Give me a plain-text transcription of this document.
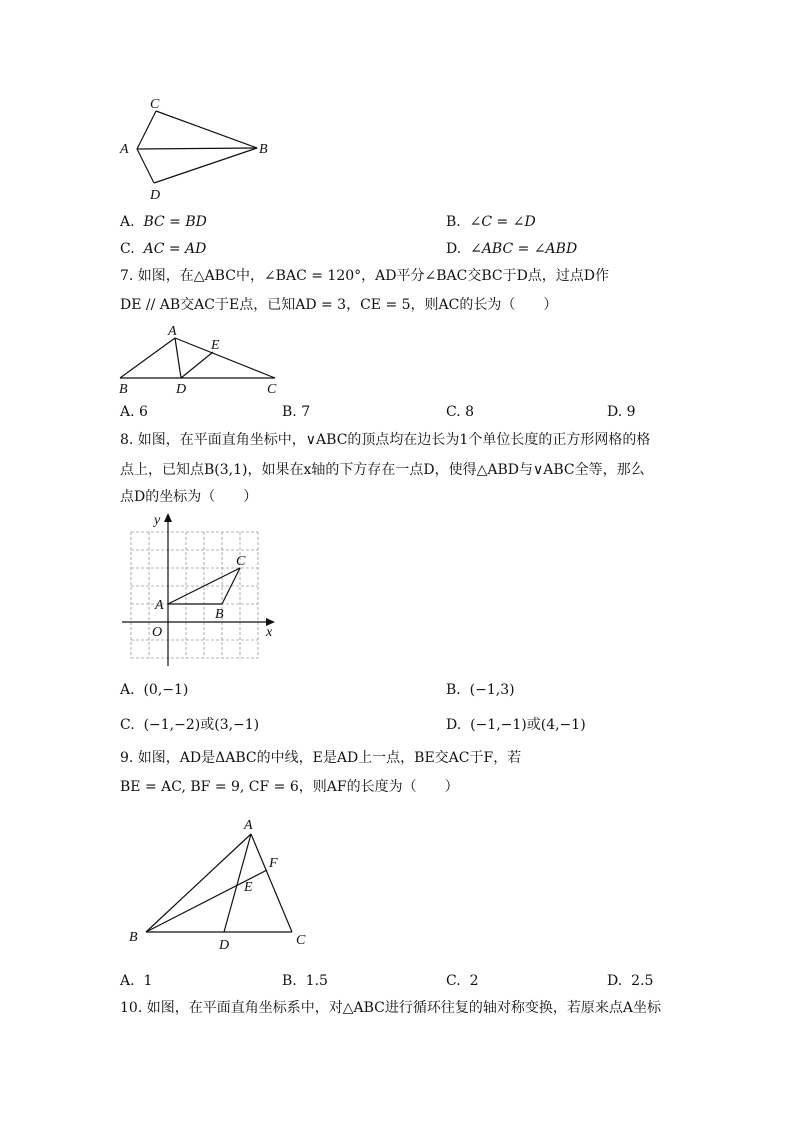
C
A	B
D
A. BC = BD	B. ∠C = ∠D
C. AC = AD	D. ∠ABC = ∠ABD
7. 如图，在△ABC中，∠BAC = 120°，AD平分∠BAC交BC于D点，过点D作
DE // AB交AC于E点，已知AD = 3，CE = 5，则AC的长为（　　）
A
E
B	D	C
A. 6	B. 7	C. 8	D. 9
8. 如图，在平面直角坐标中，∨ABC的顶点均在边长为1个单位长度的正方形网格的格
点上，已知点B(3,1)，如果在x轴的下方存在一点D，使得△ABD与∨ABC全等，那么
点D的坐标为（　　）
y
x
O
A
B
C
A. (0,−1)	B. (−1,3)
C. (−1,−2)或(3,−1)	D. (−1,−1)或(4,−1)
9. 如图，AD是ΔABC的中线，E是AD上一点，BE交AC于F，若
BE = AC, BF = 9, CF = 6，则AF的长度为（　　）
A
F
E
B
D	C
A. 1	B. 1.5	C. 2	D. 2.5
10. 如图，在平面直角坐标系中，对△ABC进行循环往复的轴对称变换，若原来点A坐标
